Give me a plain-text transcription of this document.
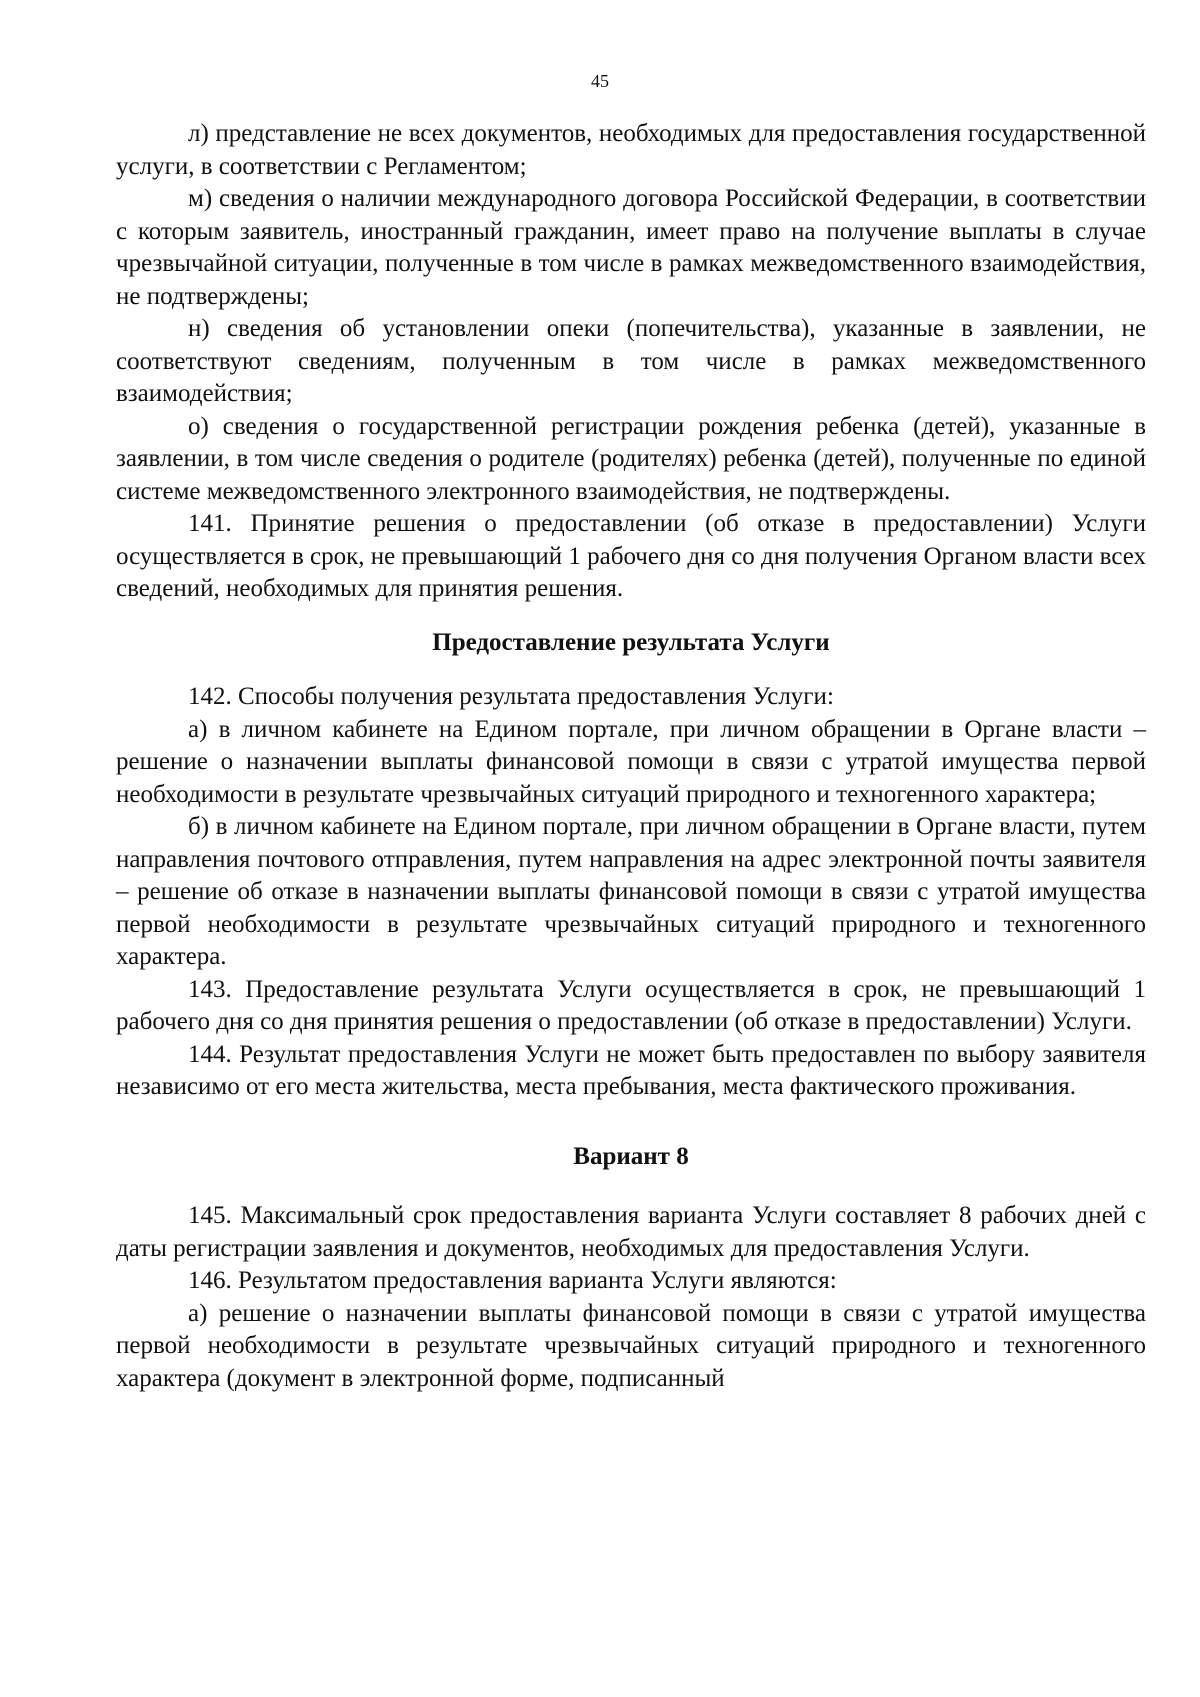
45

л) представление не всех документов, необходимых для предоставления государственной услуги, в соответствии с Регламентом;

м) сведения о наличии международного договора Российской Федерации, в соответствии с которым заявитель, иностранный гражданин, имеет право на получение выплаты в случае чрезвычайной ситуации, полученные в том числе в рамках межведомственного взаимодействия, не подтверждены;

н) сведения об установлении опеки (попечительства), указанные в заявлении, не соответствуют сведениям, полученным в том числе в рамках межведомственного взаимодействия;

о) сведения о государственной регистрации рождения ребенка (детей), указанные в заявлении, в том числе сведения о родителе (родителях) ребенка (детей), полученные по единой системе межведомственного электронного взаимодействия, не подтверждены.

141. Принятие решения о предоставлении (об отказе в предоставлении) Услуги осуществляется в срок, не превышающий 1 рабочего дня со дня получения Органом власти всех сведений, необходимых для принятия решения.

Предоставление результата Услуги

142. Способы получения результата предоставления Услуги:

а) в личном кабинете на Едином портале, при личном обращении в Органе власти – решение о назначении выплаты финансовой помощи в связи с утратой имущества первой необходимости в результате чрезвычайных ситуаций природного и техногенного характера;

б) в личном кабинете на Едином портале, при личном обращении в Органе власти, путем направления почтового отправления, путем направления на адрес электронной почты заявителя – решение об отказе в назначении выплаты финансовой помощи в связи с утратой имущества первой необходимости в результате чрезвычайных ситуаций природного и техногенного характера.

143. Предоставление результата Услуги осуществляется в срок, не превышающий 1 рабочего дня со дня принятия решения о предоставлении (об отказе в предоставлении) Услуги.

144. Результат предоставления Услуги не может быть предоставлен по выбору заявителя независимо от его места жительства, места пребывания, места фактического проживания.

Вариант 8

145. Максимальный срок предоставления варианта Услуги составляет 8 рабочих дней с даты регистрации заявления и документов, необходимых для предоставления Услуги.

146. Результатом предоставления варианта Услуги являются:

а) решение о назначении выплаты финансовой помощи в связи с утратой имущества первой необходимости в результате чрезвычайных ситуаций природного и техногенного характера (документ в электронной форме, подписанный
